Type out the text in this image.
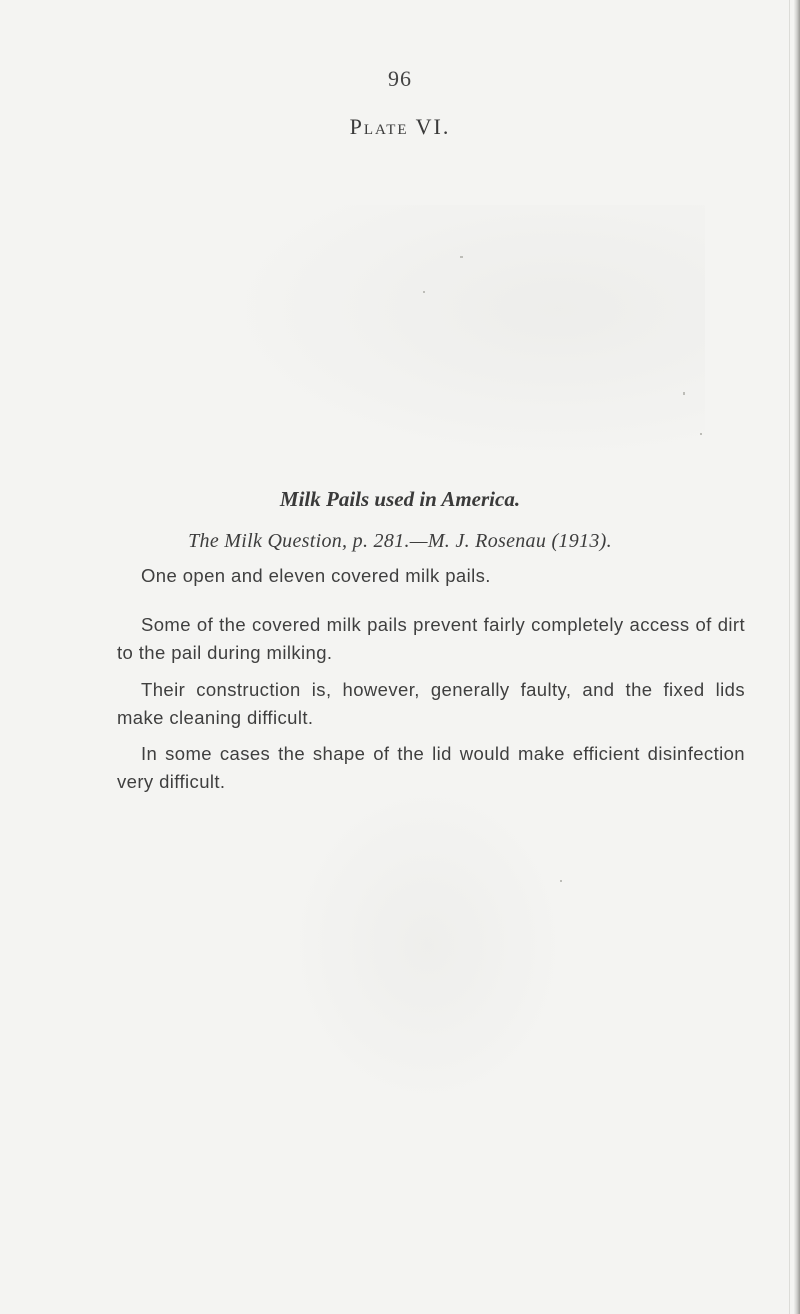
96
Plate VI.
Milk Pails used in America.
The Milk Question, p. 281.—M. J. Rosenau (1913).

One open and eleven covered milk pails.

Some of the covered milk pails prevent fairly completely access of dirt to the pail during milking.

Their construction is, however, generally faulty, and the fixed lids make cleaning difficult.

In some cases the shape of the lid would make efficient disinfection very difficult.
